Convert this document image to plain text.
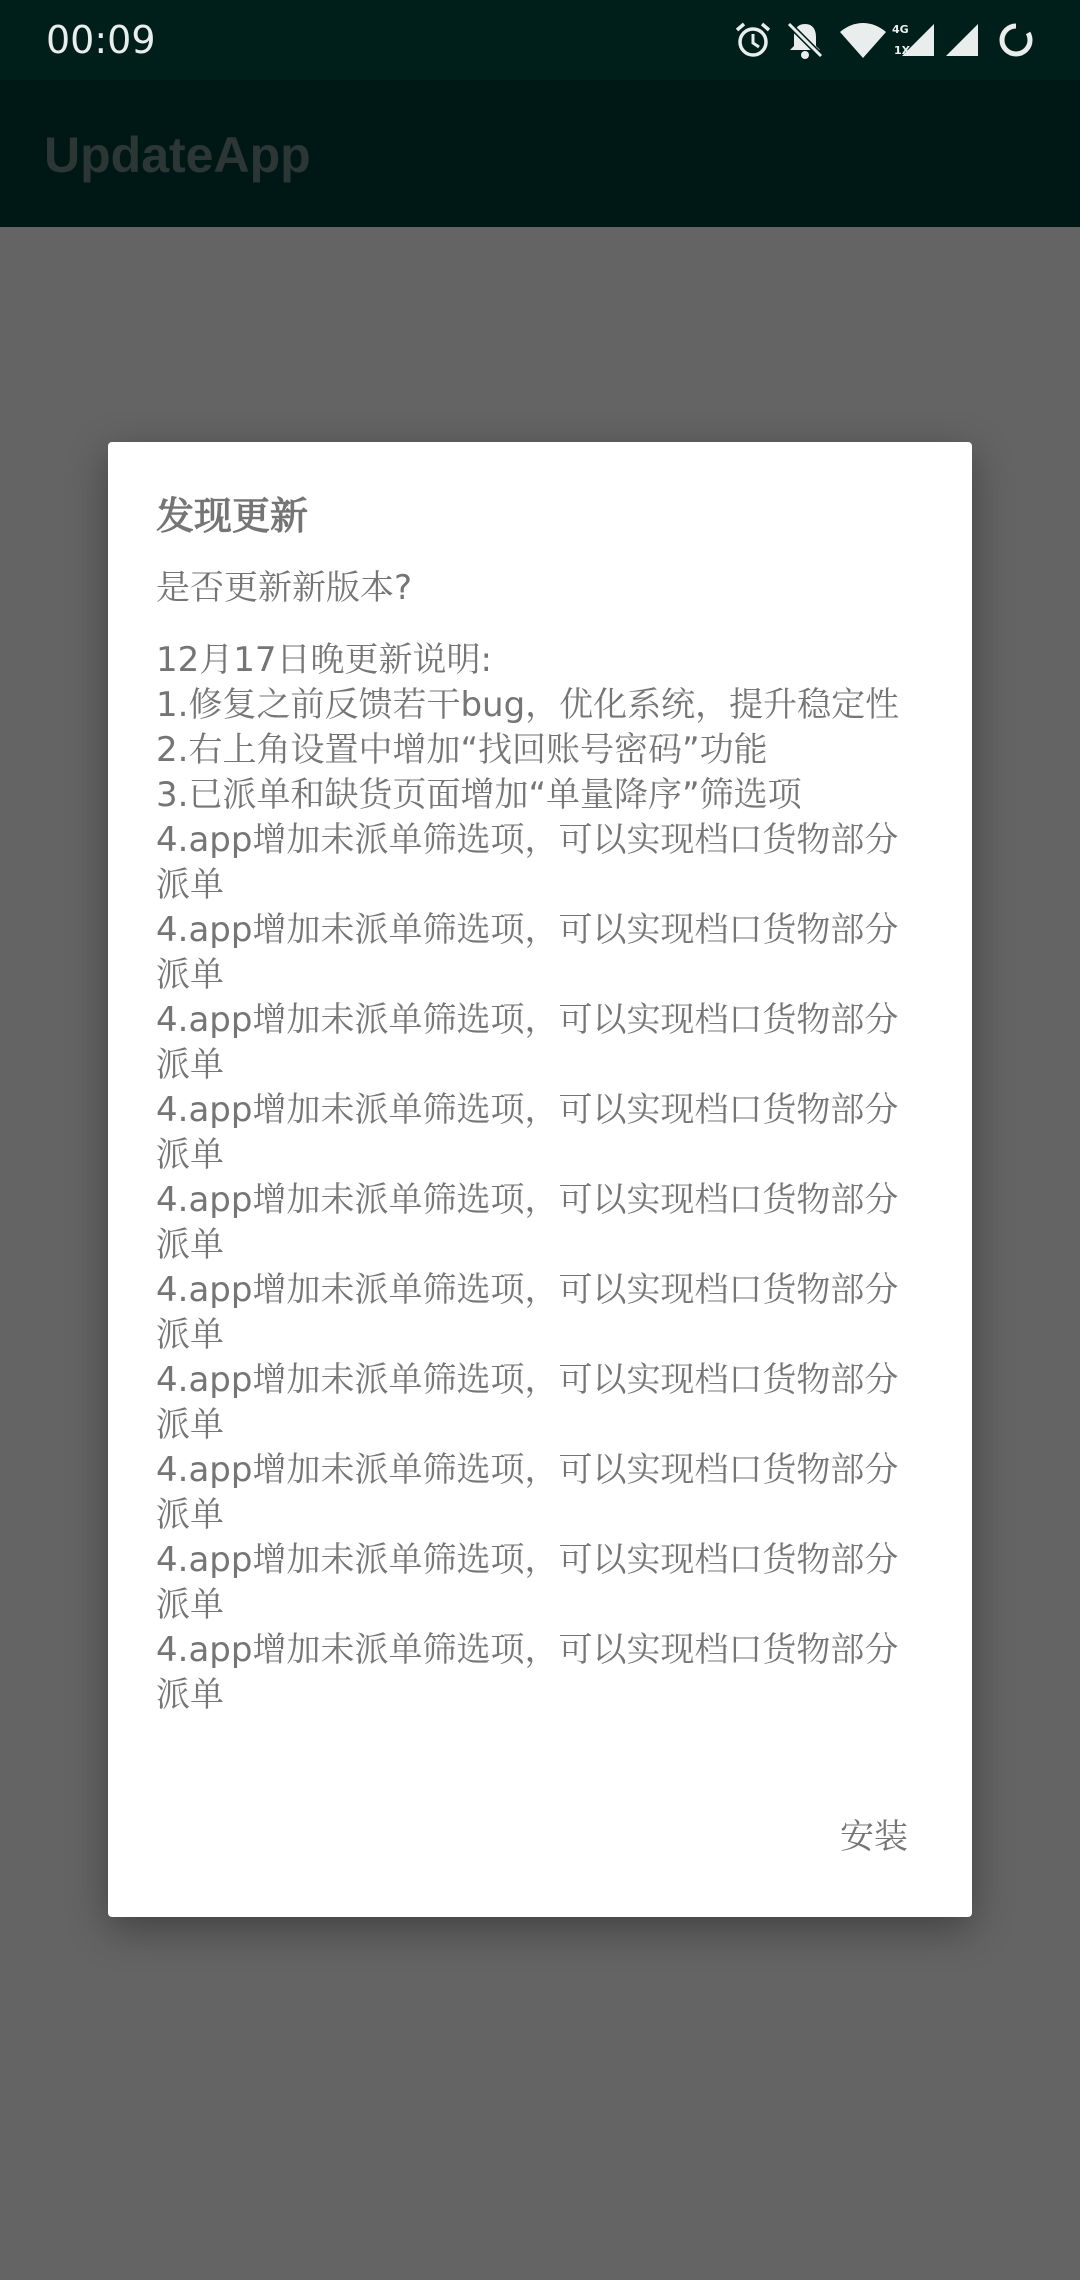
00:09	4G
1X
发现更新
是否更新新版本?
12月17日晚更新说明:
1.修复之前反馈若干bug，优化系统，提升稳定性
2.右上角设置中增加“找回账号密码”功能
3.已派单和缺货页面增加“单量降序”筛选项
4.app增加未派单筛选项，可以实现档口货物部分派单
4.app增加未派单筛选项，可以实现档口货物部分派单
4.app增加未派单筛选项，可以实现档口货物部分派单
4.app增加未派单筛选项，可以实现档口货物部分派单
4.app增加未派单筛选项，可以实现档口货物部分派单
4.app增加未派单筛选项，可以实现档口货物部分派单
4.app增加未派单筛选项，可以实现档口货物部分派单
4.app增加未派单筛选项，可以实现档口货物部分派单
4.app增加未派单筛选项，可以实现档口货物部分派单
4.app增加未派单筛选项，可以实现档口货物部分派单
安装
